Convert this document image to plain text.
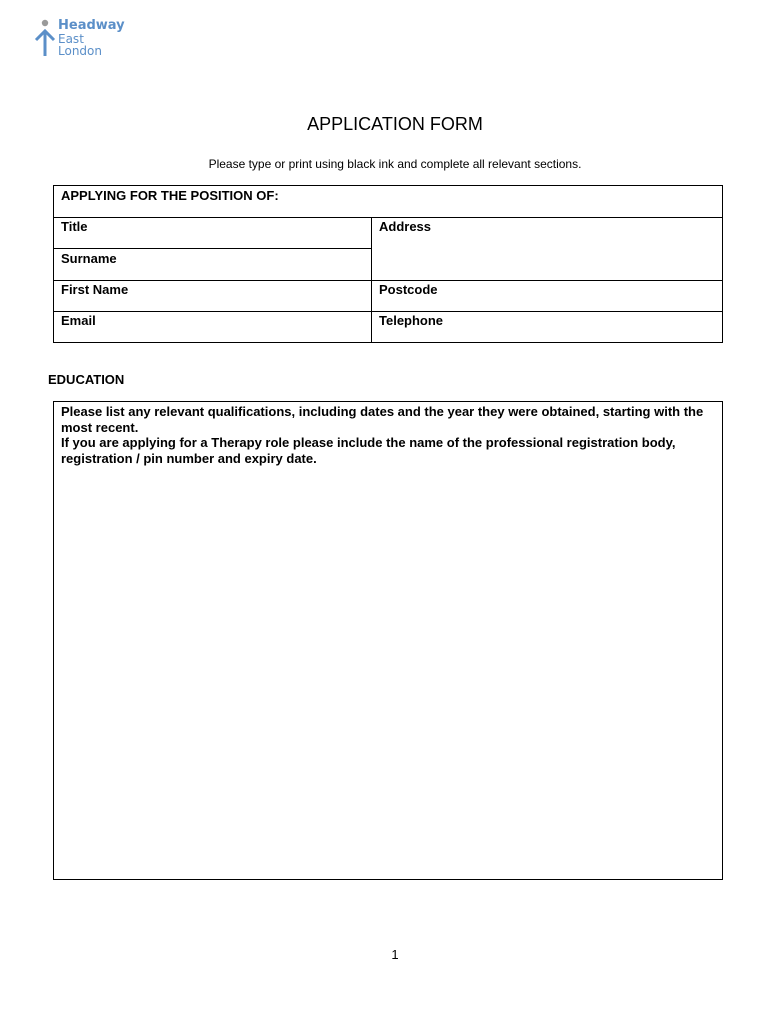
Headway
East
London
APPLICATION FORM

Please type or print using black ink and complete all relevant sections.

APPLYING FOR THE POSITION OF:
Title	Address
Surname
First Name	Postcode
Email	Telephone
EDUCATION

Please list any relevant qualifications, including dates and the year they were obtained, starting with the most recent.

If you are applying for a Therapy role please include the name of the professional registration body, registration / pin number and expiry date.

1
